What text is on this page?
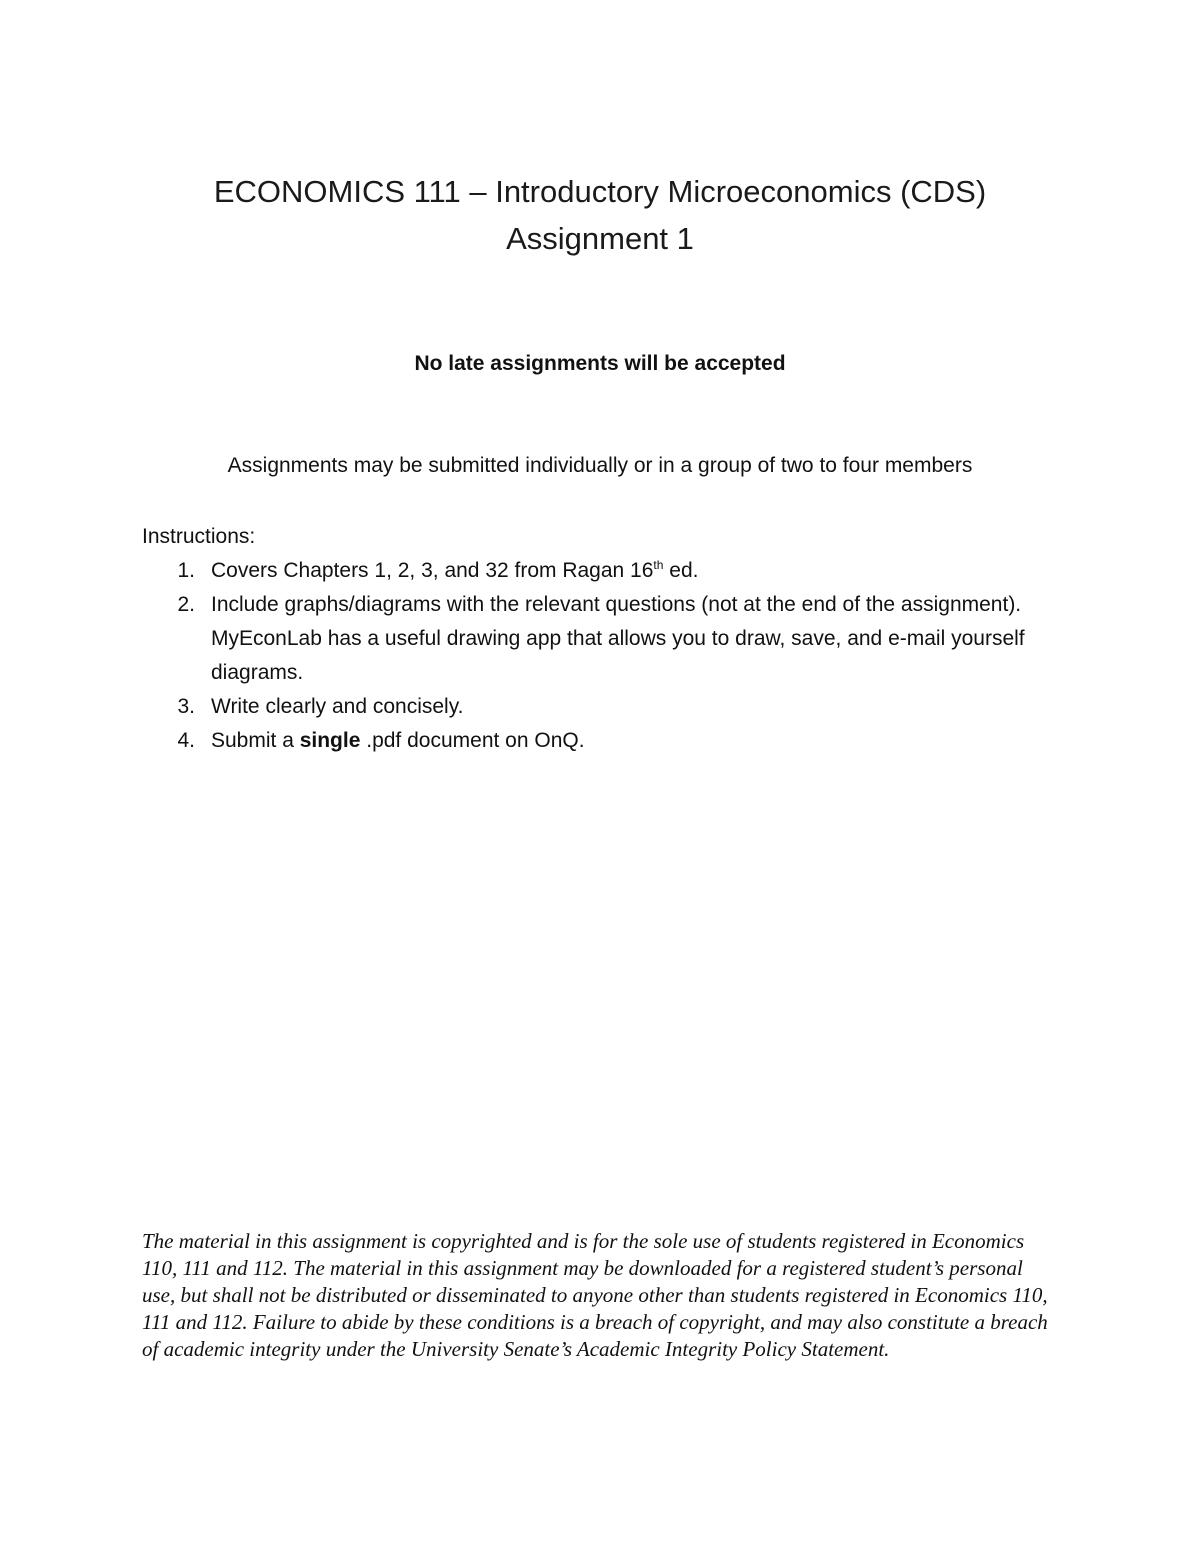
ECONOMICS 111 – Introductory Microeconomics (CDS)
Assignment 1
No late assignments will be accepted
Assignments may be submitted individually or in a group of two to four members
Instructions:
1. Covers Chapters 1, 2, 3, and 32 from Ragan 16th ed.
2. Include graphs/diagrams with the relevant questions (not at the end of the assignment). MyEconLab has a useful drawing app that allows you to draw, save, and e-mail yourself diagrams.
3. Write clearly and concisely.
4. Submit a single .pdf document on OnQ.
The material in this assignment is copyrighted and is for the sole use of students registered in Economics 110, 111 and 112. The material in this assignment may be downloaded for a registered student’s personal use, but shall not be distributed or disseminated to anyone other than students registered in Economics 110, 111 and 112. Failure to abide by these conditions is a breach of copyright, and may also constitute a breach of academic integrity under the University Senate’s Academic Integrity Policy Statement.
